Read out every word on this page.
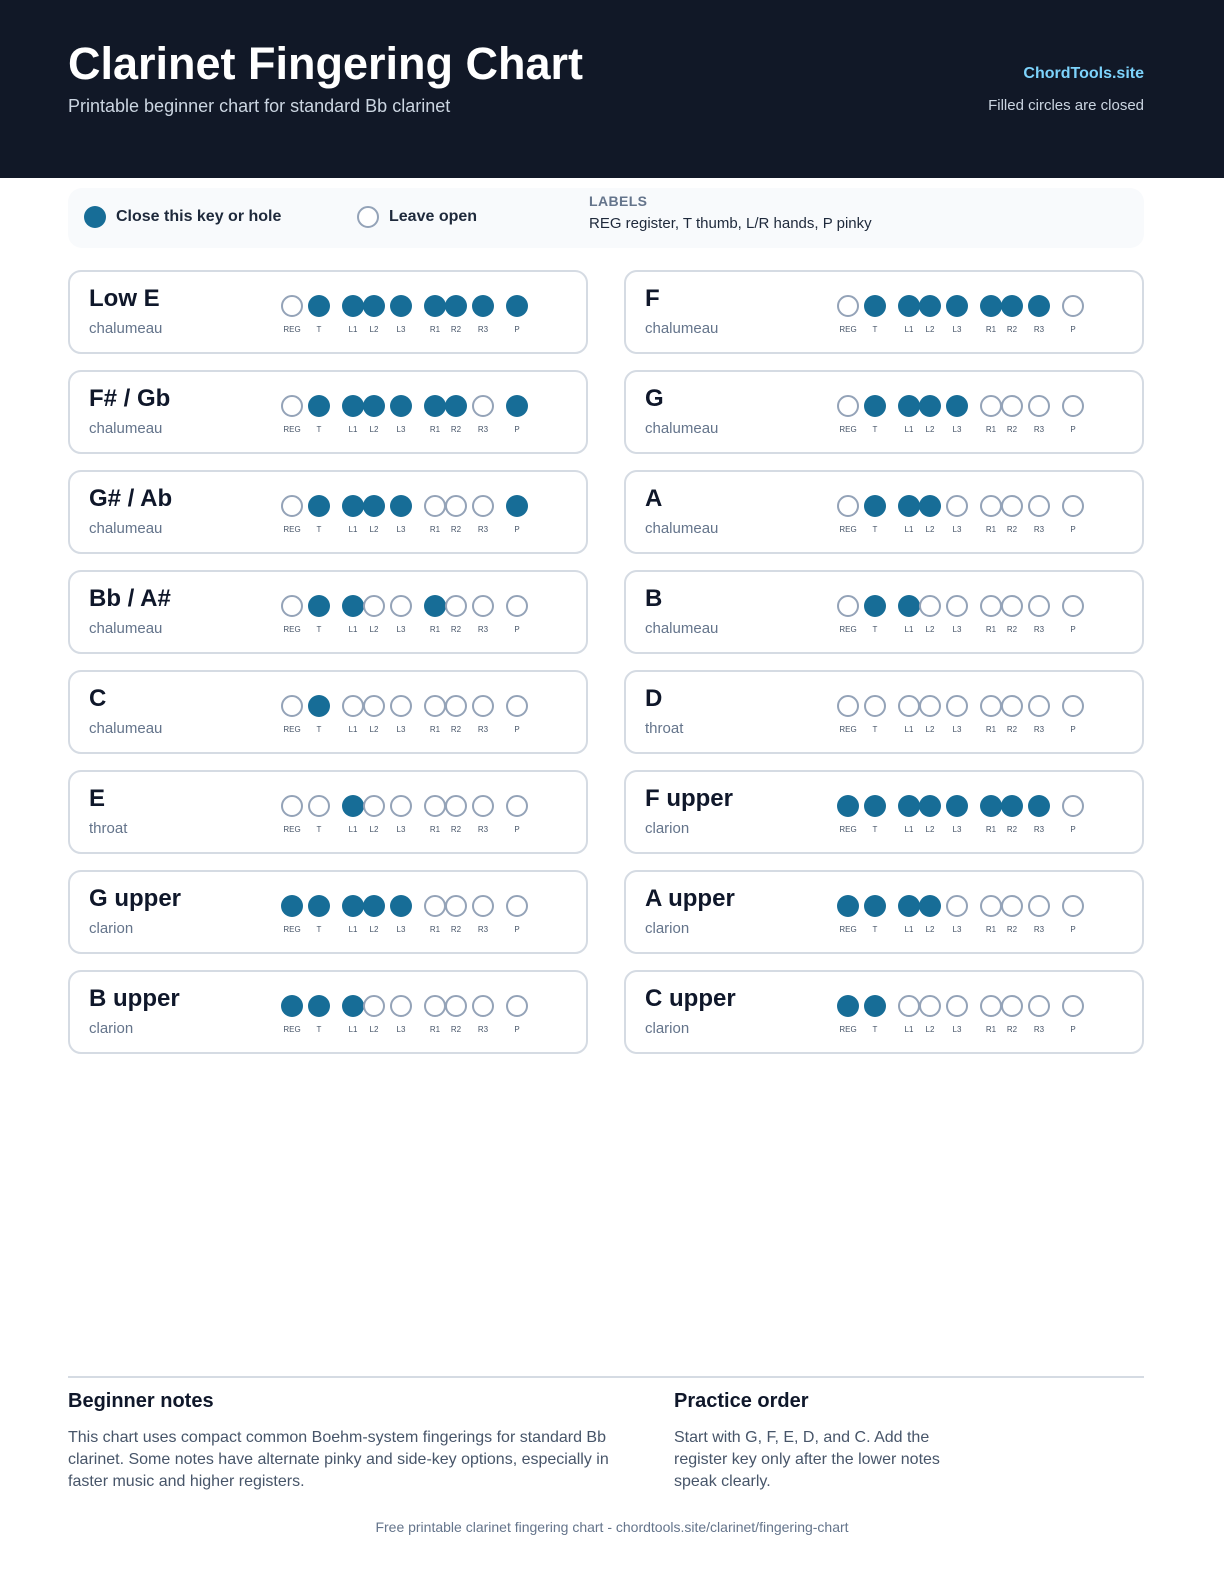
Clarinet Fingering Chart
Printable beginner chart for standard Bb clarinet
ChordTools.site
Filled circles are closed
Close this key or hole	Leave open
LABELS
REG register, T thumb, L/R hands, P pinky
Low E
chalumeau	REG	T	L1	L2	L3	R1	R2	R3	P
F
chalumeau	REG	T	L1	L2	L3	R1	R2	R3	P
F# / Gb
chalumeau	REG	T	L1	L2	L3	R1	R2	R3	P
G
chalumeau	REG	T	L1	L2	L3	R1	R2	R3	P
G# / Ab
chalumeau	REG	T	L1	L2	L3	R1	R2	R3	P
A
chalumeau	REG	T	L1	L2	L3	R1	R2	R3	P
Bb / A#
chalumeau	REG	T	L1	L2	L3	R1	R2	R3	P
B
chalumeau	REG	T	L1	L2	L3	R1	R2	R3	P
C
chalumeau	REG	T	L1	L2	L3	R1	R2	R3	P
D
throat	REG	T	L1	L2	L3	R1	R2	R3	P
E
throat	REG	T	L1	L2	L3	R1	R2	R3	P
F upper
clarion	REG	T	L1	L2	L3	R1	R2	R3	P
G upper
clarion	REG	T	L1	L2	L3	R1	R2	R3	P
A upper
clarion	REG	T	L1	L2	L3	R1	R2	R3	P
B upper
clarion	REG	T	L1	L2	L3	R1	R2	R3	P
C upper
clarion	REG	T	L1	L2	L3	R1	R2	R3	P
Beginner notes
This chart uses compact common Boehm-system fingerings for standard Bb clarinet. Some notes have alternate pinky and side-key options, especially in faster music and higher registers.
Practice order
Start with G, F, E, D, and C. Add the register key only after the lower notes speak clearly.
Free printable clarinet fingering chart - chordtools.site/clarinet/fingering-chart
